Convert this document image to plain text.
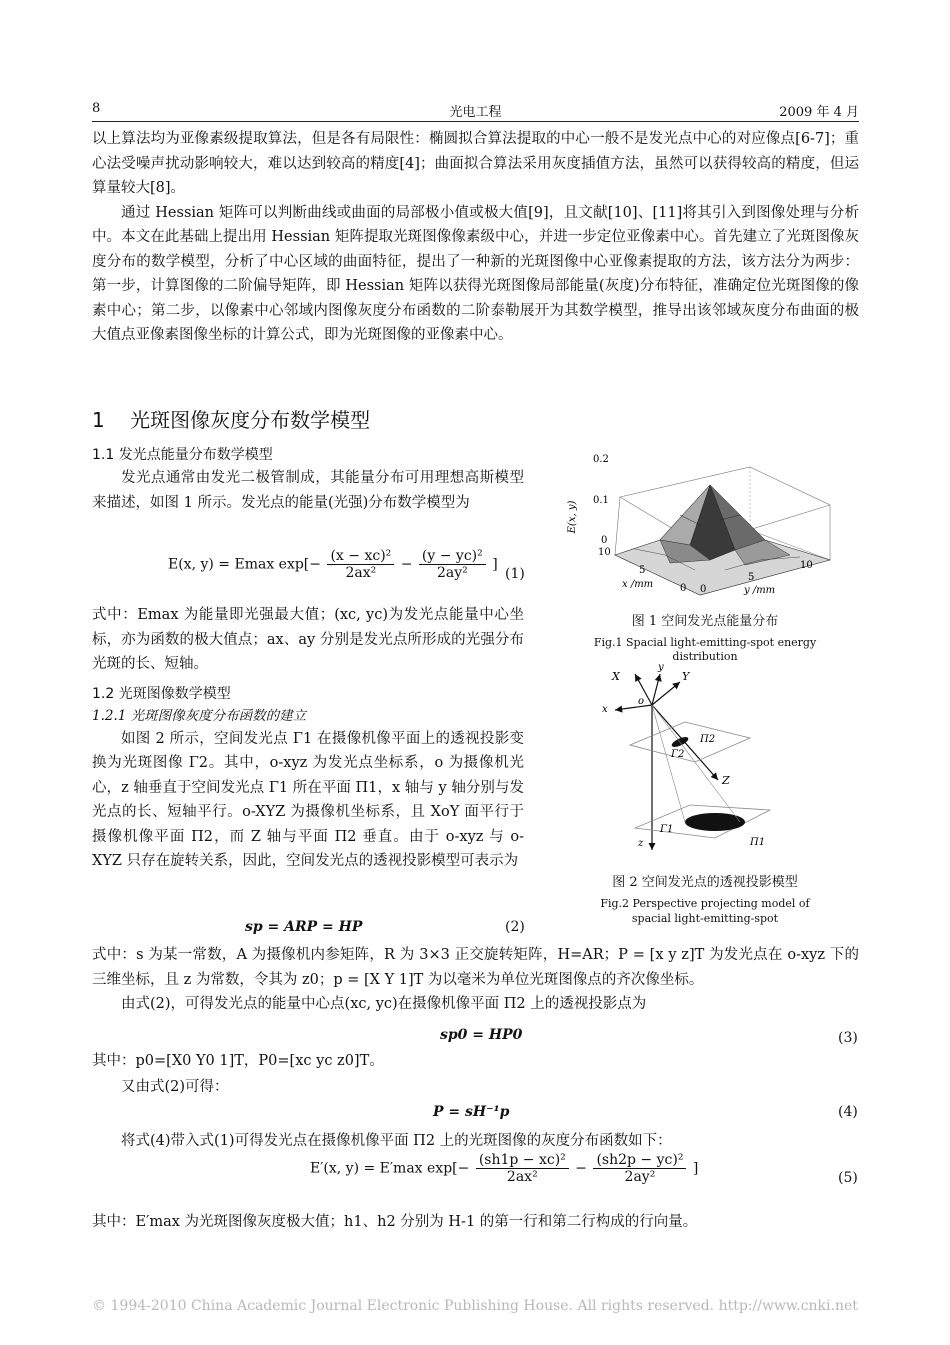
8	光电工程	2009 年 4 月

以上算法均为亚像素级提取算法，但是各有局限性：椭圆拟合算法提取的中心一般不是发光点中心的对应像点[6-7]；重心法受噪声扰动影响较大，难以达到较高的精度[4]；曲面拟合算法采用灰度插值方法，虽然可以获得较高的精度，但运算量较大[8]。

通过 Hessian 矩阵可以判断曲线或曲面的局部极小值或极大值[9]，且文献[10]、[11]将其引入到图像处理与分析中。本文在此基础上提出用 Hessian 矩阵提取光斑图像像素级中心，并进一步定位亚像素中心。首先建立了光斑图像灰度分布的数学模型，分析了中心区域的曲面特征，提出了一种新的光斑图像中心亚像素提取的方法，该方法分为两步：第一步，计算图像的二阶偏导矩阵，即 Hessian 矩阵以获得光斑图像局部能量(灰度)分布特征，准确定位光斑图像的像素中心；第二步，以像素中心邻域内图像灰度分布函数的二阶泰勒展开为其数学模型，推导出该邻域灰度分布曲面的极大值点亚像素图像坐标的计算公式，即为光斑图像的亚像素中心。

1 光斑图像灰度分布数学模型

1.1 发光点能量分布数学模型

发光点通常由发光二极管制成，其能量分布可用理想高斯模型来描述，如图 1 所示。发光点的能量(光强)分布数学模型为

E(x, y) = Emax $\exp[- \frac{\text{(x − xc)²}}{\text{2ax²}} - \frac{\text{(y − yc)²}}{\text{2ay²}}$ ]
(1)

式中：Emax 为能量即光强最大值；(xc, yc)为发光点能量中心坐标，亦为函数的极大值点；ax、ay 分别是发光点所形成的光强分布光斑的长、短轴。

1.2 光斑图像数学模型

1.2.1 光斑图像灰度分布函数的建立

如图 2 所示，空间发光点 Γ1 在摄像机像平面上的透视投影变换为光斑图像 Γ2。其中，o-xyz 为发光点坐标系，o 为摄像机光心，z 轴垂直于空间发光点 Γ1 所在平面 Π1，x 轴与 y 轴分别与发光点的长、短轴平行。o-XYZ 为摄像机坐标系，且 XoY 面平行于摄像机像平面 Π2，而 Z 轴与平面 Π2 垂直。由于 o-xyz 与 o-XYZ 只存在旋转关系，因此，空间发光点的透视投影模型可表示为

sp = ARP = HP	(2)

式中：s 为某一常数，A 为摄像机内参矩阵，R 为 3×3 正交旋转矩阵，H=AR；P = [x y z]T 为发光点在 o-xyz 下的三维坐标，且 z 为常数，令其为 z0；p = [X Y 1]T 为以毫米为单位光斑图像点的齐次像坐标。

由式(2)，可得发光点的能量中心点(xc, yc)在摄像机像平面 Π2 上的透视投影点为

sp0 = HP0	(3)
其中：p0=[X0 Y0 1]T，P0=[xc yc z0]T。
又由式(2)可得：
P = sH⁻¹p	(4)
将式(4)带入式(1)可得发光点在摄像机像平面 Π2 上的光斑图像的灰度分布函数如下：
E′(x, y) = E′max $\exp[- \frac{\text{(sh1p − xc)²}}{\text{2ax²}} - \frac{\text{(sh2p − yc)²}}{\text{2ay²}}$ ]
(5)
其中：E′max 为光斑图像灰度极大值；h1、h2 分别为 H-1 的第一行和第二行构成的行向量。
0.2
0.1
0
10
5
0 0
5
10
x /mm
y /mm
E(x, y)
图 1 空间发光点能量分布
Fig.1 Spacial light-emitting-spot energy distribution
X
y
Y
x
o
Π2
Γ2
Z
Γ1
Π1
z
图 2 空间发光点的透视投影模型
Fig.2 Perspective projecting model of
spacial light-emitting-spot
© 1994-2010 China Academic Journal Electronic Publishing House. All rights reserved. http://www.cnki.net
